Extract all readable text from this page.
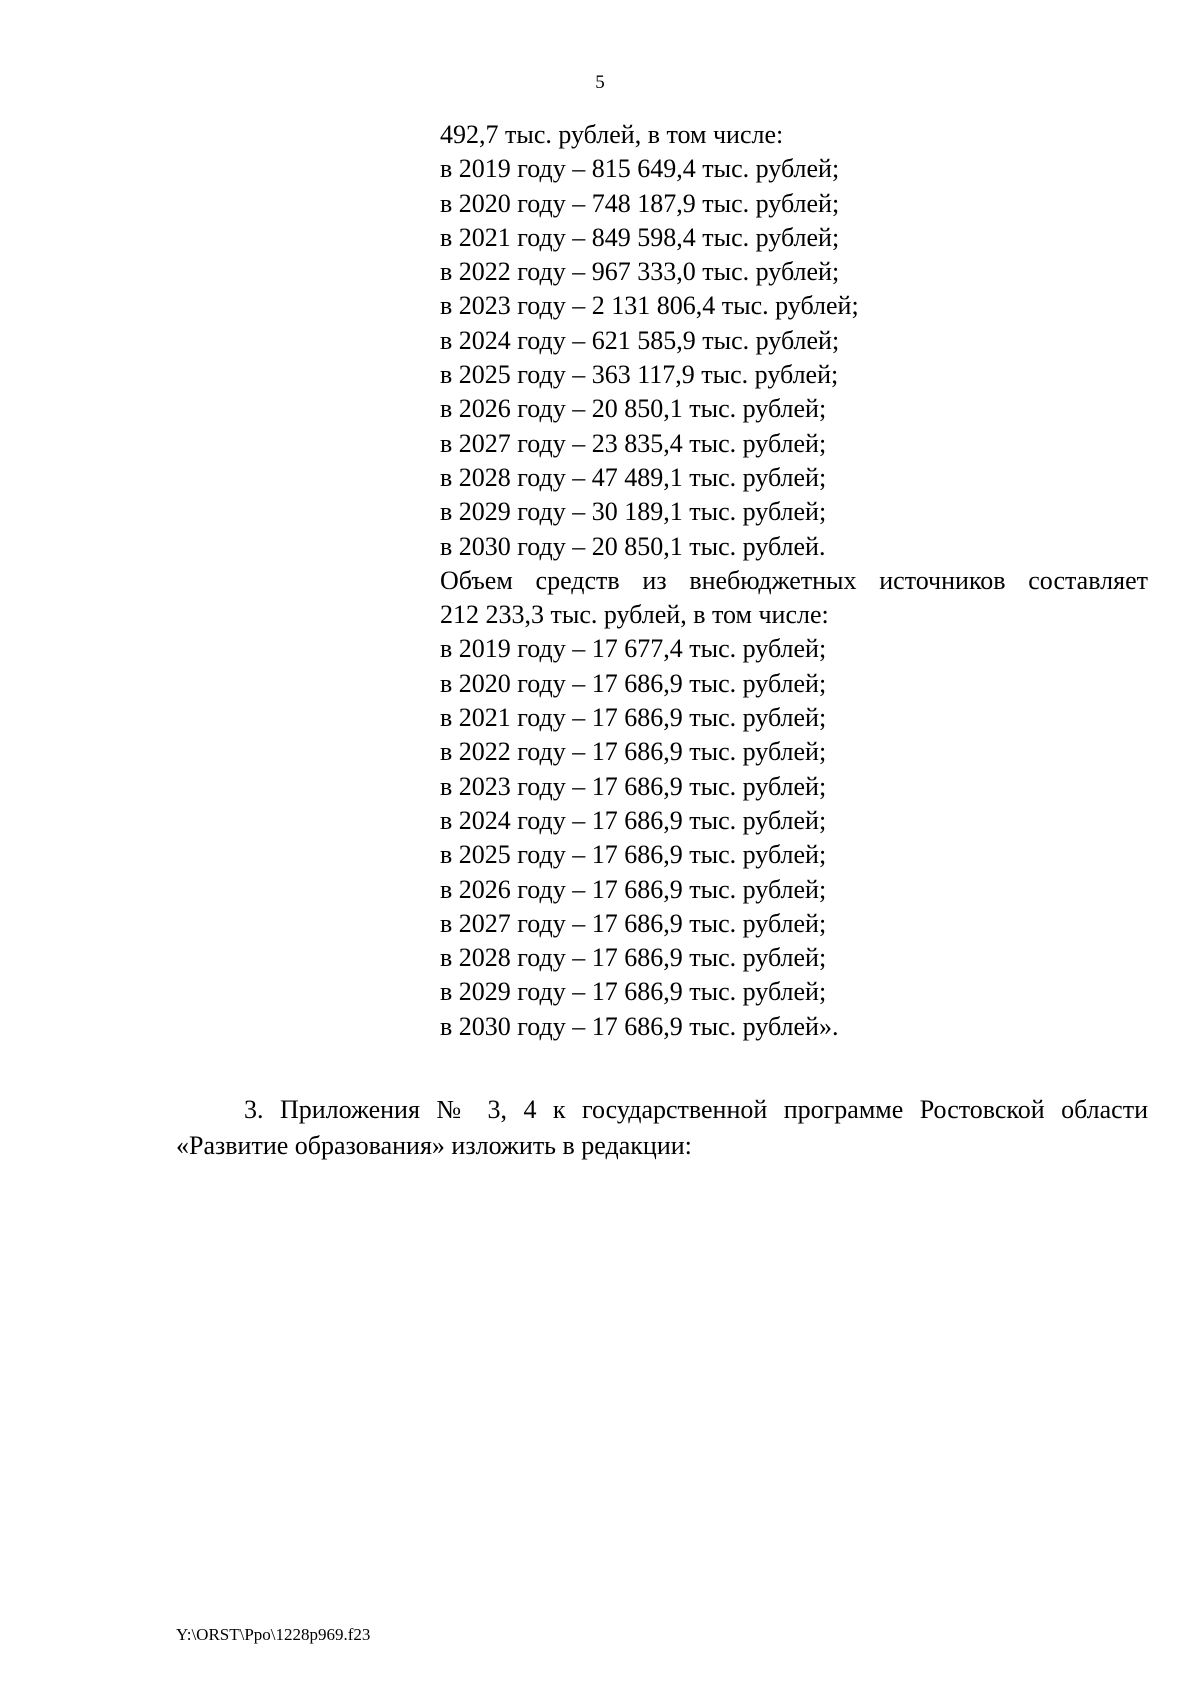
5

492,7 тыс. рублей, в том числе:

в 2019 году – 815 649,4 тыс. рублей;

в 2020 году – 748 187,9 тыс. рублей;

в 2021 году – 849 598,4 тыс. рублей;

в 2022 году – 967 333,0 тыс. рублей;

в 2023 году – 2 131 806,4 тыс. рублей;

в 2024 году – 621 585,9 тыс. рублей;

в 2025 году – 363 117,9 тыс. рублей;

в 2026 году – 20 850,1 тыс. рублей;

в 2027 году – 23 835,4 тыс. рублей;

в 2028 году – 47 489,1 тыс. рублей;

в 2029 году – 30 189,1 тыс. рублей;

в 2030 году – 20 850,1 тыс. рублей.

Объем средств из внебюджетных источников составляет

212 233,3 тыс. рублей, в том числе:

в 2019 году – 17 677,4 тыс. рублей;

в 2020 году – 17 686,9 тыс. рублей;

в 2021 году – 17 686,9 тыс. рублей;

в 2022 году – 17 686,9 тыс. рублей;

в 2023 году – 17 686,9 тыс. рублей;

в 2024 году – 17 686,9 тыс. рублей;

в 2025 году – 17 686,9 тыс. рублей;

в 2026 году – 17 686,9 тыс. рублей;

в 2027 году – 17 686,9 тыс. рублей;

в 2028 году – 17 686,9 тыс. рублей;

в 2029 году – 17 686,9 тыс. рублей;

в 2030 году – 17 686,9 тыс. рублей».

3. Приложения № 3, 4 к государственной программе Ростовской области «Развитие образования» изложить в редакции:

Y:\ORST\Ppo\1228p969.f23
